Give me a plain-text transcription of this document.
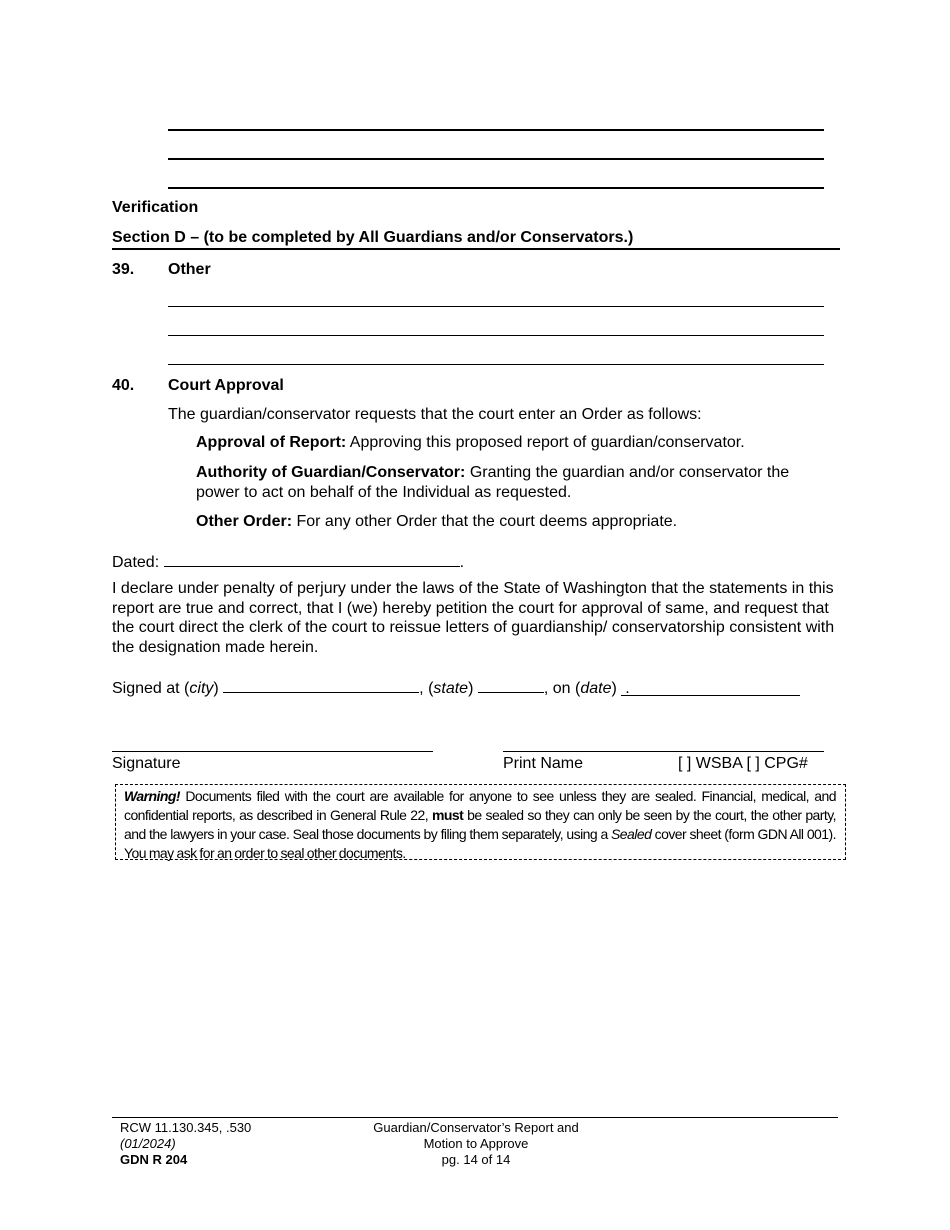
Verification
Section D – (to be completed by All Guardians and/or Conservators.)
39. Other
40. Court Approval
The guardian/conservator requests that the court enter an Order as follows:
Approval of Report: Approving this proposed report of guardian/conservator.
Authority of Guardian/Conservator: Granting the guardian and/or conservator the power to act on behalf of the Individual as requested.
Other Order: For any other Order that the court deems appropriate.
Dated:	.
I declare under penalty of perjury under the laws of the State of Washington that the statements in this report are true and correct, that I (we) hereby petition the court for approval of same, and request that the court direct the clerk of the court to reissue letters of guardianship/ conservatorship consistent with the designation made herein.
Signed at (city)	, (state)	, on (date) .
Signature	Print Name	[ ] WSBA [ ] CPG#
Warning! Documents filed with the court are available for anyone to see unless they are sealed. Financial, medical, and confidential reports, as described in General Rule 22, must be sealed so they can only be seen by the court, the other party, and the lawyers in your case. Seal those documents by filing them separately, using a Sealed cover sheet (form GDN All 001). You may ask for an order to seal other documents.
RCW 11.130.345, .530
(01/2024)
GDN R 204
Guardian/Conservator’s Report and
Motion to Approve
pg. 14 of 14
